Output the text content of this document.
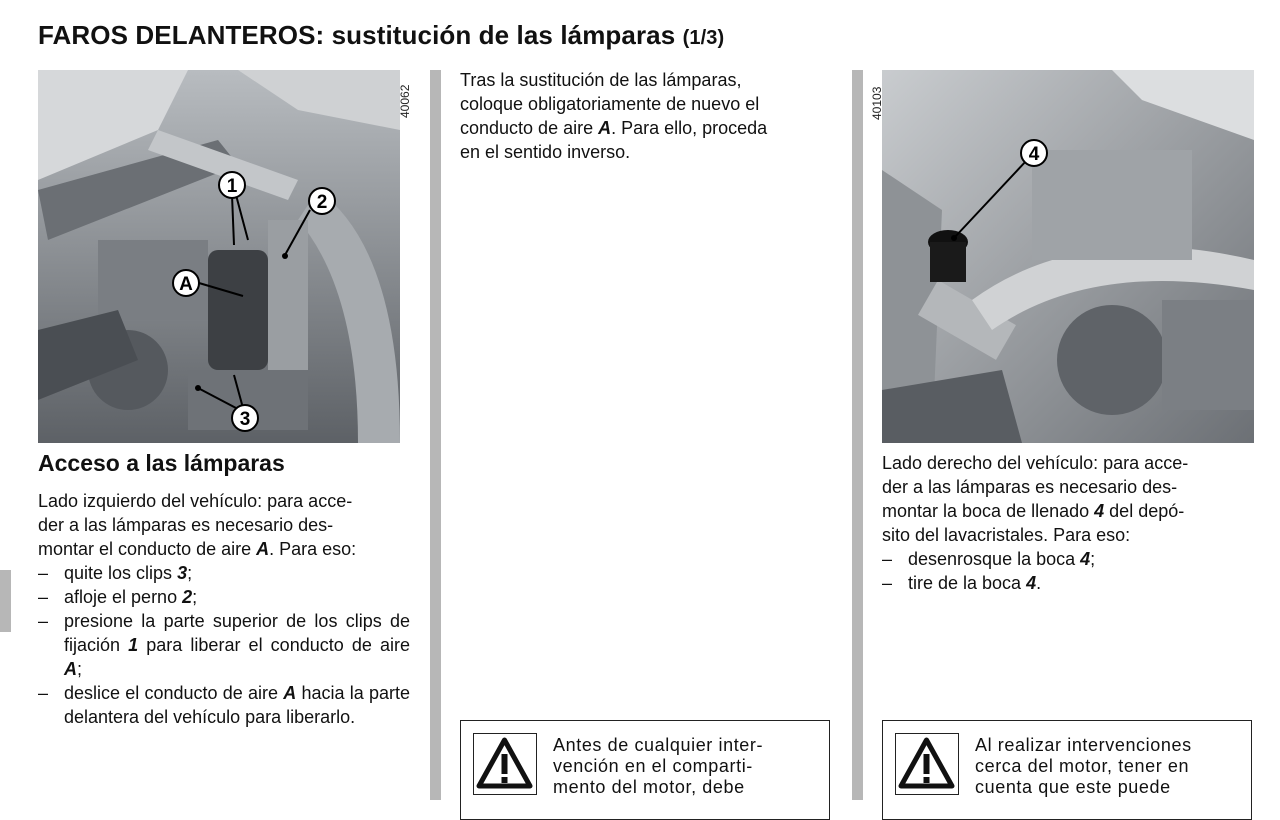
FAROS DELANTEROS: sustitución de las lámparas (1/3)
1
2
A
3
40062
Acceso a las lámparas
Lado izquierdo del vehículo: para acce-
der a las lámparas es necesario des-
montar el conducto de aire A. Para eso:
– quite los clips 3;
– afloje el perno 2;
– presione la parte superior de los clips de fijación 1 para liberar el conducto de aire A;
– deslice el conducto de aire A hacia la parte delantera del vehículo para liberarlo.
Tras la sustitución de las lámparas,
coloque obligatoriamente de nuevo el
conducto de aire A. Para ello, proceda
en el sentido inverso.
Antes de cualquier inter-
vención en el comparti-
mento del motor, debe
4
40103
Lado derecho del vehículo: para acce-
der a las lámparas es necesario des-
montar la boca de llenado 4 del depó-
sito del lavacristales. Para eso:
– desenrosque la boca 4;
– tire de la boca 4.
Al realizar intervenciones
cerca del motor, tener en
cuenta que este puede
